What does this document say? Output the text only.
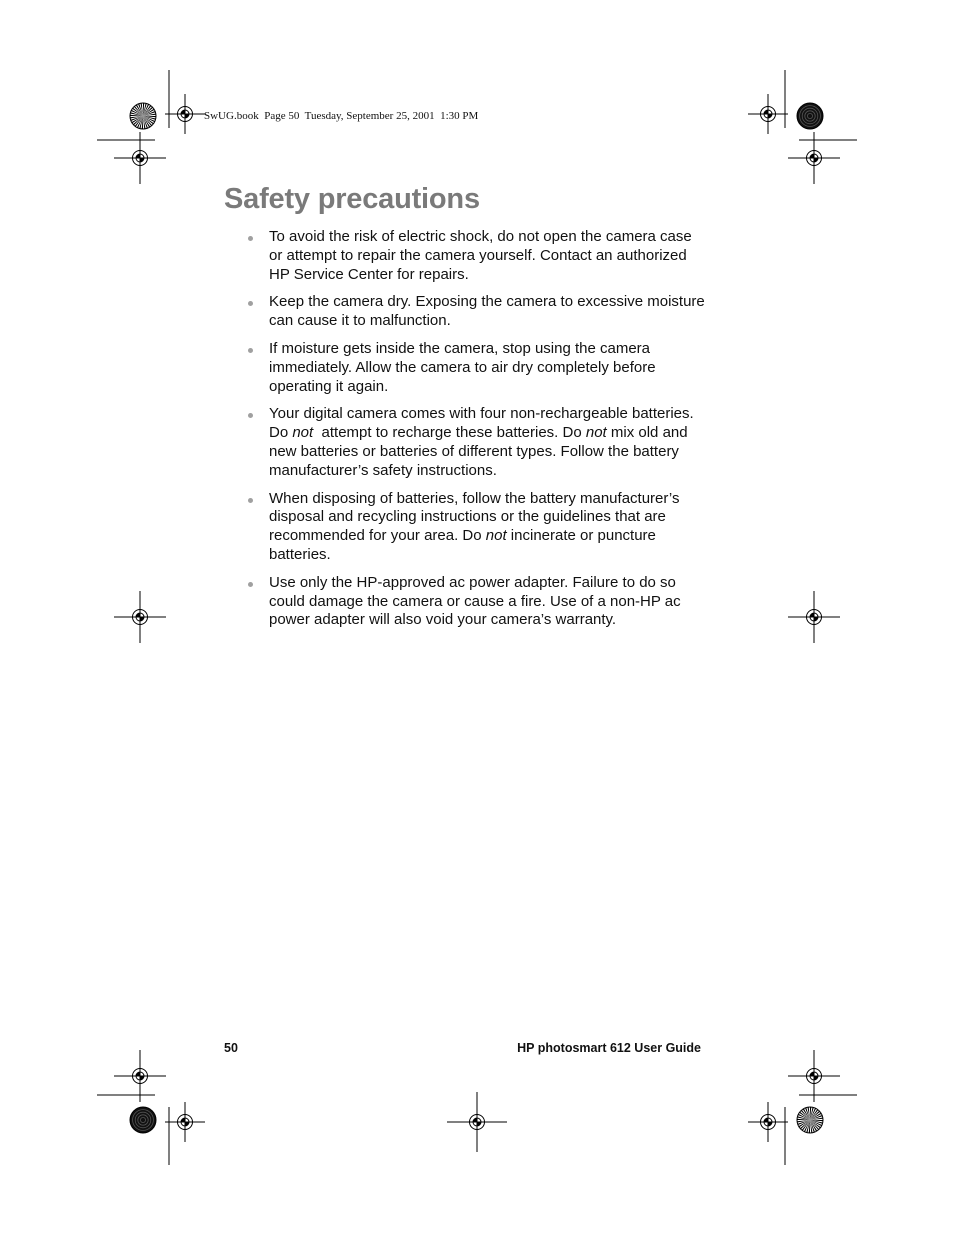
SwUG.book  Page 50  Tuesday, September 25, 2001  1:30 PM
Safety precautions
To avoid the risk of electric shock, do not open the camera case or attempt to repair the camera yourself. Contact an authorized HP Service Center for repairs.
Keep the camera dry. Exposing the camera to excessive moisture can cause it to malfunction.
If moisture gets inside the camera, stop using the camera immediately. Allow the camera to air dry completely before operating it again.
Your digital camera comes with four non-rechargeable batteries. Do not  attempt to recharge these batteries. Do not mix old and new batteries or batteries of different types. Follow the battery manufacturer’s safety instructions.
When disposing of batteries, follow the battery manufacturer’s disposal and recycling instructions or the guidelines that are recommended for your area. Do not incinerate or puncture batteries.
Use only the HP-approved ac power adapter. Failure to do so could damage the camera or cause a fire. Use of a non-HP ac power adapter will also void your camera’s warranty.
50	HP photosmart 612 User Guide
